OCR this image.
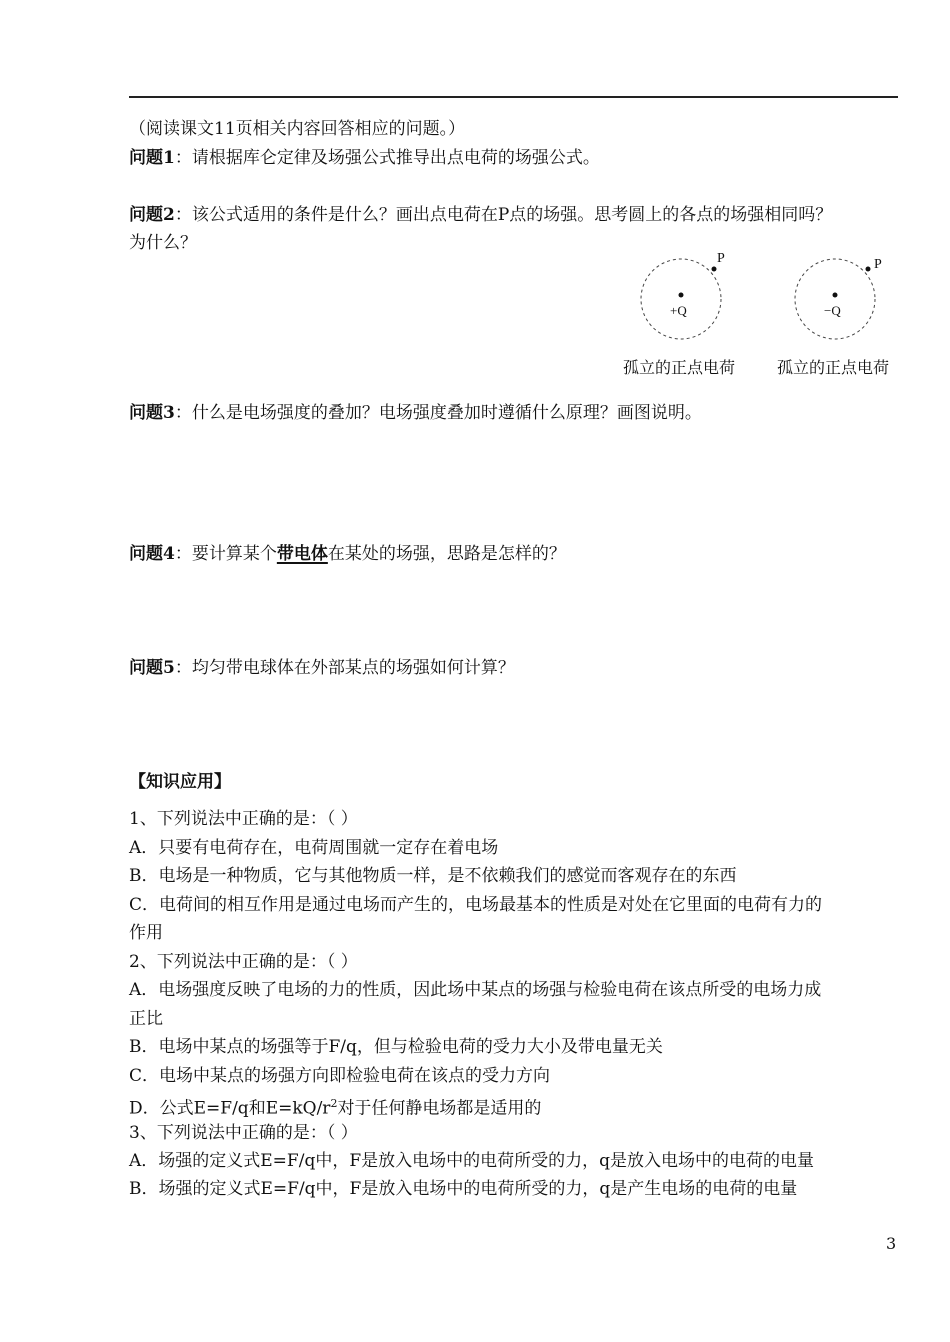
（阅读课文11页相关内容回答相应的问题。）
问题1：请根据库仑定律及场强公式推导出点电荷的场强公式。
问题2：该公式适用的条件是什么？画出点电荷在P点的场强。思考圆上的各点的场强相同吗？
为什么？
P
+Q
孤立的正点电荷
P
−Q
孤立的正点电荷
问题3：什么是电场强度的叠加？电场强度叠加时遵循什么原理？画图说明。
问题4：要计算某个带电体在某处的场强，思路是怎样的？
问题5：均匀带电球体在外部某点的场强如何计算？
【知识应用】
1、下列说法中正确的是：（ ）
A．只要有电荷存在，电荷周围就一定存在着电场
B．电场是一种物质，它与其他物质一样，是不依赖我们的感觉而客观存在的东西
C．电荷间的相互作用是通过电场而产生的，电场最基本的性质是对处在它里面的电荷有力的
作用
2、下列说法中正确的是：（ ）
A．电场强度反映了电场的力的性质，因此场中某点的场强与检验电荷在该点所受的电场力成
正比
B．电场中某点的场强等于F/q，但与检验电荷的受力大小及带电量无关
C．电场中某点的场强方向即检验电荷在该点的受力方向
D．公式E=F/q和$E=kQ/r^2$对于任何静电场都是适用的
3、下列说法中正确的是：（ ）
A．场强的定义式E=F/q中，F是放入电场中的电荷所受的力，q是放入电场中的电荷的电量
B．场强的定义式E=F/q中，F是放入电场中的电荷所受的力，q是产生电场的电荷的电量
3
